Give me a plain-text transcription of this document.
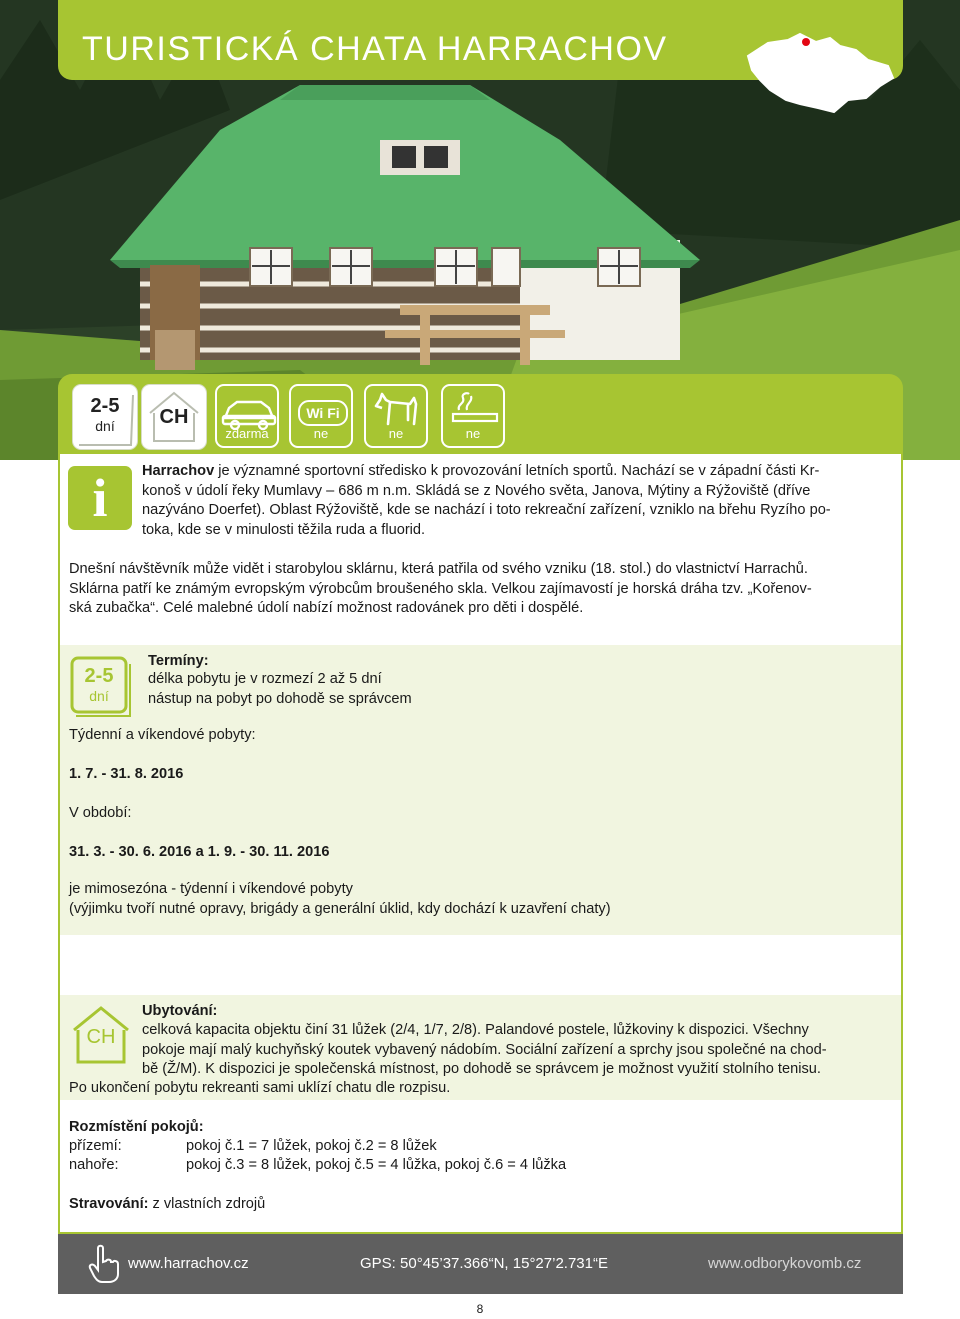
TURISTICKÁ CHATA HARRACHOV
2-5
dní	CH
zdarma
Wi Fi
ne	ne	ne
i	Harrachov je významné sportovní středisko k provozování letních sportů. Nachází se v západní části Kr-
konoš v údolí řeky Mumlavy – 686 m n.m. Skládá se z Nového světa, Janova, Mýtiny a Rýžoviště (dříve
nazýváno Doerfet). Oblast Rýžoviště, kde se nachází i toto rekreační zařízení, vzniklo na břehu Ryzího po-
toka, kde se v minulosti těžila ruda a fluorid.
Dnešní návštěvník může vidět i starobylou sklárnu, která patřila od svého vzniku (18. stol.) do vlastnictví Harrachů.
Sklárna patří ke známým evropským výrobcům broušeného skla. Velkou zajímavostí je horská dráha tzv. „Kořenov-
ská zubačka“. Celé malebné údolí nabízí možnost radovánek pro děti i dospělé.
2-5
dní
Termíny:
délka pobytu je v rozmezí 2 až 5 dní
nástup na pobyt po dohodě se správcem
Týdenní a víkendové pobyty:
1. 7. - 31. 8. 2016
V období:
31. 3. - 30. 6. 2016 a 1. 9. - 30. 11. 2016
je mimosezóna - týdenní i víkendové pobyty
(výjimku tvoří nutné opravy, brigády a generální úklid, kdy dochází k uzavření chaty)
CH
Ubytování:
celková kapacita objektu činí 31 lůžek (2/4, 1/7, 2/8). Palandové postele, lůžkoviny k dispozici. Všechny
pokoje mají malý kuchyňský koutek vybavený nádobím. Sociální zařízení a sprchy jsou společné na chod-
bě (Ž/M). K dispozici je společenská místnost, po dohodě se správcem je možnost využití stolního tenisu.
Po ukončení pobytu rekreanti sami uklízí chatu dle rozpisu.
Rozmístění pokojů:
přízemí:	pokoj č.1 = 7 lůžek, pokoj č.2 = 8 lůžek
nahoře:	pokoj č.3 = 8 lůžek, pokoj č.5 = 4 lůžka, pokoj č.6 = 4 lůžka
Stravování: z vlastních zdrojů
www.harrachov.cz	GPS: 50°45’37.366“N, 15°27’2.731“E	www.odborykovomb.cz
8
